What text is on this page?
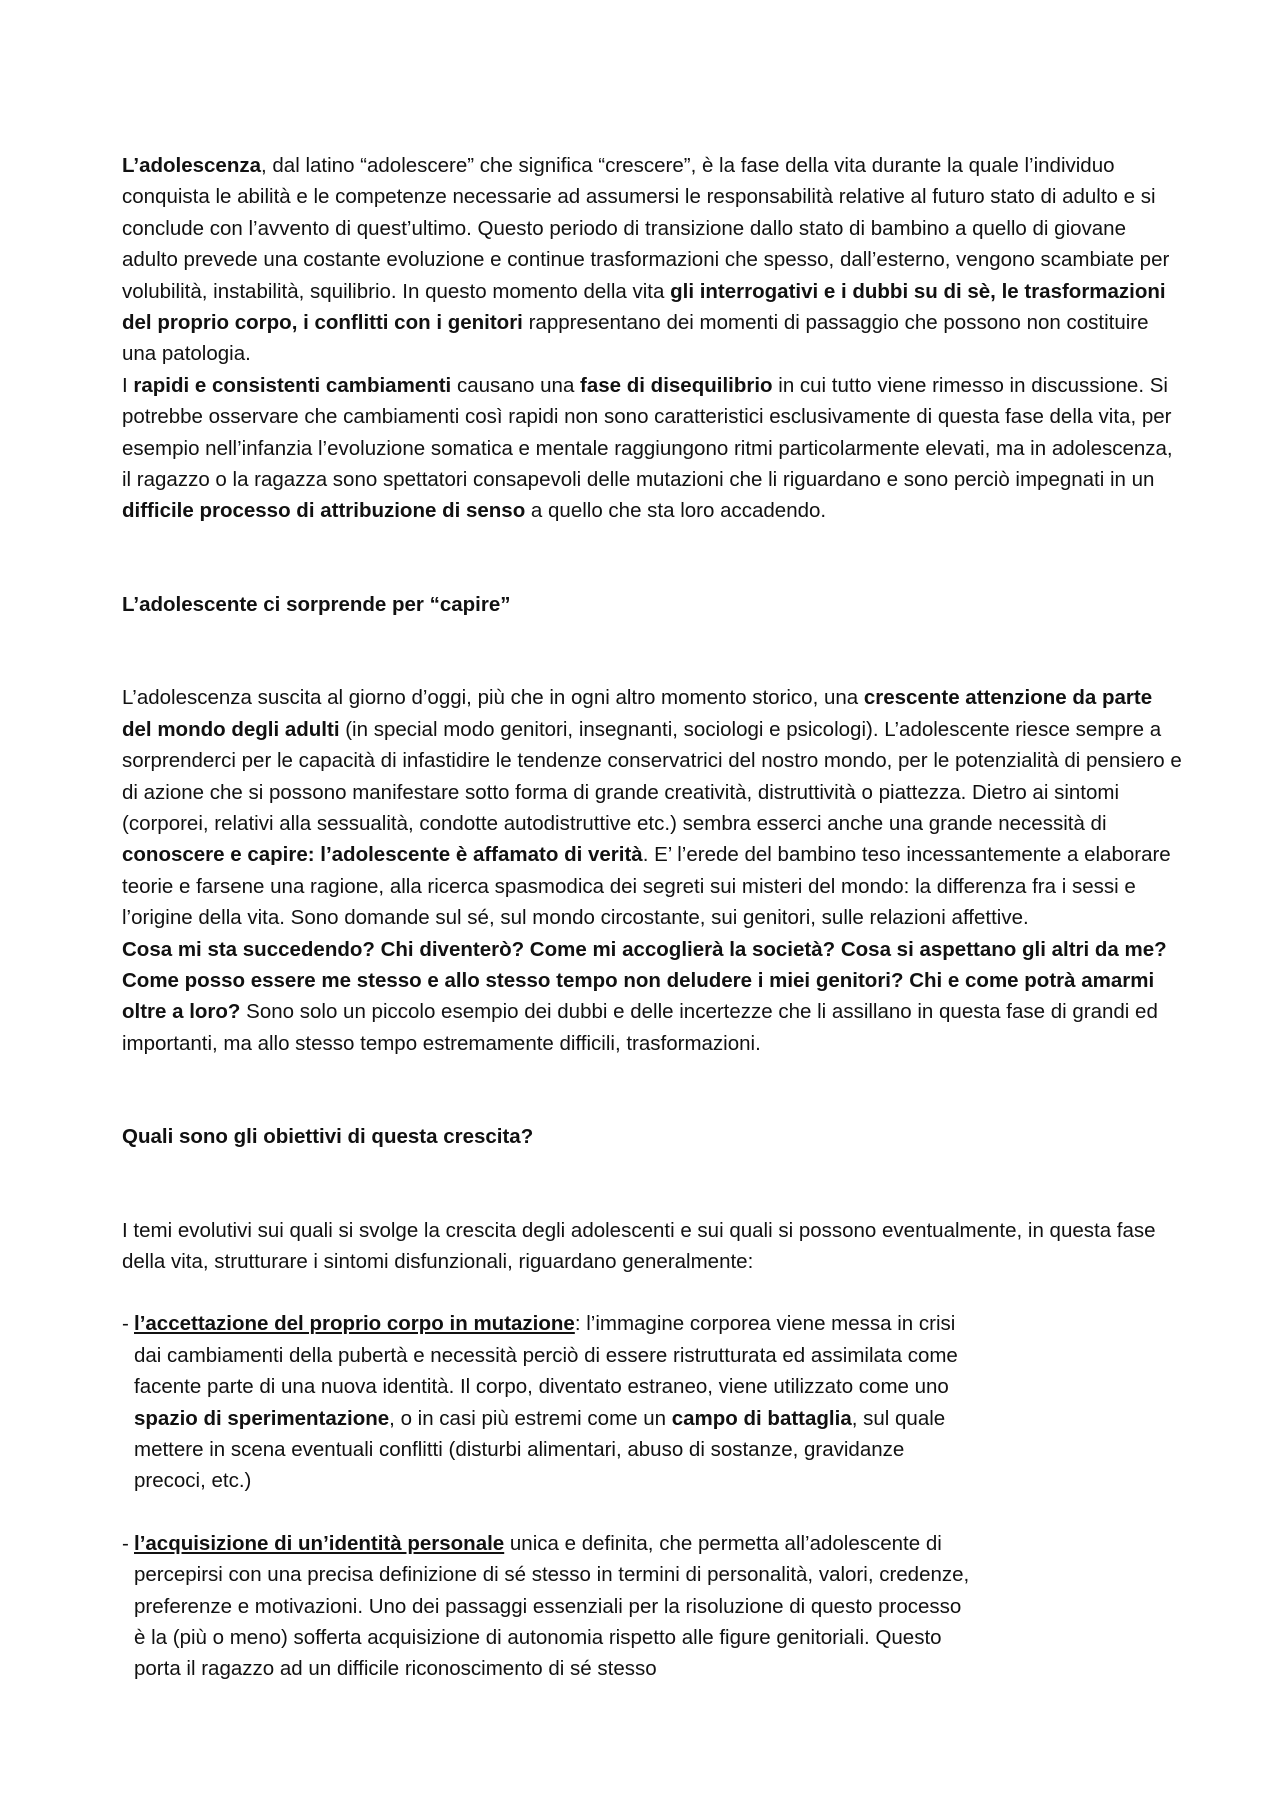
L’adolescenza, dal latino “adolescere” che significa “crescere”, è la fase della vita durante la quale l’individuo conquista le abilità e le competenze necessarie ad assumersi le responsabilità relative al futuro stato di adulto e si conclude con l’avvento di quest’ultimo. Questo periodo di transizione dallo stato di bambino a quello di giovane adulto prevede una costante evoluzione e continue trasformazioni che spesso, dall’esterno, vengono scambiate per volubilità, instabilità, squilibrio. In questo momento della vita gli interrogativi e i dubbi su di sè, le trasformazioni del proprio corpo, i conflitti con i genitori rappresentano dei momenti di passaggio che possono non costituire una patologia.

I rapidi e consistenti cambiamenti causano una fase di disequilibrio in cui tutto viene rimesso in discussione. Si potrebbe osservare che cambiamenti così rapidi non sono caratteristici esclusivamente di questa fase della vita, per esempio nell’infanzia l’evoluzione somatica e mentale raggiungono ritmi particolarmente elevati, ma in adolescenza, il ragazzo o la ragazza sono spettatori consapevoli delle mutazioni che li riguardano e sono perciò impegnati in un difficile processo di attribuzione di senso a quello che sta loro accadendo.

L’adolescente ci sorprende per “capire”

L’adolescenza suscita al giorno d’oggi, più che in ogni altro momento storico, una crescente attenzione da parte del mondo degli adulti (in special modo genitori, insegnanti, sociologi e psicologi). L’adolescente riesce sempre a sorprenderci per le capacità di infastidire le tendenze conservatrici del nostro mondo, per le potenzialità di pensiero e di azione che si possono manifestare sotto forma di grande creatività, distruttività o piattezza. Dietro ai sintomi (corporei, relativi alla sessualità, condotte autodistruttive etc.) sembra esserci anche una grande necessità di conoscere e capire: l’adolescente è affamato di verità. E’ l’erede del bambino teso incessantemente a elaborare teorie e farsene una ragione, alla ricerca spasmodica dei segreti sui misteri del mondo: la differenza fra i sessi e l’origine della vita. Sono domande sul sé, sul mondo circostante, sui genitori, sulle relazioni affettive.

Cosa mi sta succedendo? Chi diventerò? Come mi accoglierà la società? Cosa si aspettano gli altri da me? Come posso essere me stesso e allo stesso tempo non deludere i miei genitori? Chi e come potrà amarmi oltre a loro? Sono solo un piccolo esempio dei dubbi e delle incertezze che li assillano in questa fase di grandi ed importanti, ma allo stesso tempo estremamente difficili, trasformazioni.

Quali sono gli obiettivi di questa crescita?

I temi evolutivi sui quali si svolge la crescita degli adolescenti e sui quali si possono eventualmente, in questa fase della vita, strutturare i sintomi disfunzionali, riguardano generalmente:

- l’accettazione del proprio corpo in mutazione: l’immagine corporea viene messa in crisi dai cambiamenti della pubertà e necessità perciò di essere ristrutturata ed assimilata come facente parte di una nuova identità. Il corpo, diventato estraneo, viene utilizzato come uno spazio di sperimentazione, o in casi più estremi come un campo di battaglia, sul quale mettere in scena eventuali conflitti (disturbi alimentari, abuso di sostanze, gravidanze precoci, etc.)

- l’acquisizione di un’identità personale unica e definita, che permetta all’adolescente di percepirsi con una precisa definizione di sé stesso in termini di personalità, valori, credenze, preferenze e motivazioni. Uno dei passaggi essenziali per la risoluzione di questo processo è la (più o meno) sofferta acquisizione di autonomia rispetto alle figure genitoriali. Questo porta il ragazzo ad un difficile riconoscimento di sé stesso
